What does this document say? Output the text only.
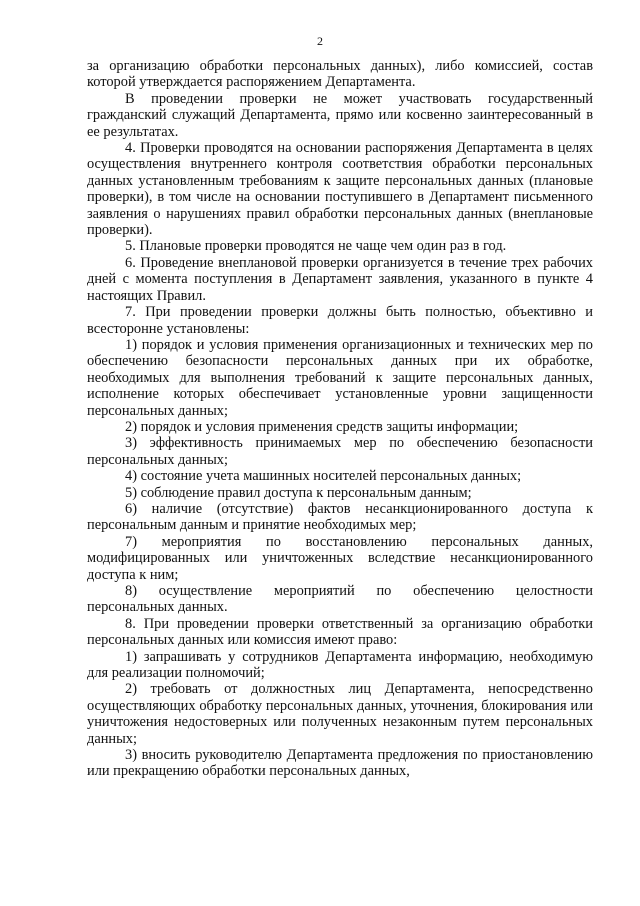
2

за организацию обработки персональных данных), либо комиссией, состав которой утверждается распоряжением Департамента.

В проведении проверки не может участвовать государственный гражданский служащий Департамента, прямо или косвенно заинтересованный в ее результатах.

4. Проверки проводятся на основании распоряжения Департамента в целях осуществления внутреннего контроля соответствия обработки персональных данных установленным требованиям к защите персональных данных (плановые проверки), в том числе на основании поступившего в Департамент письменного заявления о нарушениях правил обработки персональных данных (внеплановые проверки).

5. Плановые проверки проводятся не чаще чем один раз в год.

6. Проведение внеплановой проверки организуется в течение трех рабочих дней с момента поступления в Департамент заявления, указанного в пункте 4 настоящих Правил.

7. При проведении проверки должны быть полностью, объективно и всесторонне установлены:

1) порядок и условия применения организационных и технических мер по обеспечению безопасности персональных данных при их обработке, необходимых для выполнения требований к защите персональных данных, исполнение которых обеспечивает установленные уровни защищенности персональных данных;

2) порядок и условия применения средств защиты информации;

3) эффективность принимаемых мер по обеспечению безопасности персональных данных;

4) состояние учета машинных носителей персональных данных;

5) соблюдение правил доступа к персональным данным;

6) наличие (отсутствие) фактов несанкционированного доступа к персональным данным и принятие необходимых мер;

7) мероприятия по восстановлению персональных данных, модифицированных или уничтоженных вследствие несанкционированного доступа к ним;

8) осуществление мероприятий по обеспечению целостности персональных данных.

8. При проведении проверки ответственный за организацию обработки персональных данных или комиссия имеют право:

1) запрашивать у сотрудников Департамента информацию, необходимую для реализации полномочий;

2) требовать от должностных лиц Департамента, непосредственно осуществляющих обработку персональных данных, уточнения, блокирования или уничтожения недостоверных или полученных незаконным путем персональных данных;

3) вносить руководителю Департамента предложения по приостановлению или прекращению обработки персональных данных,
